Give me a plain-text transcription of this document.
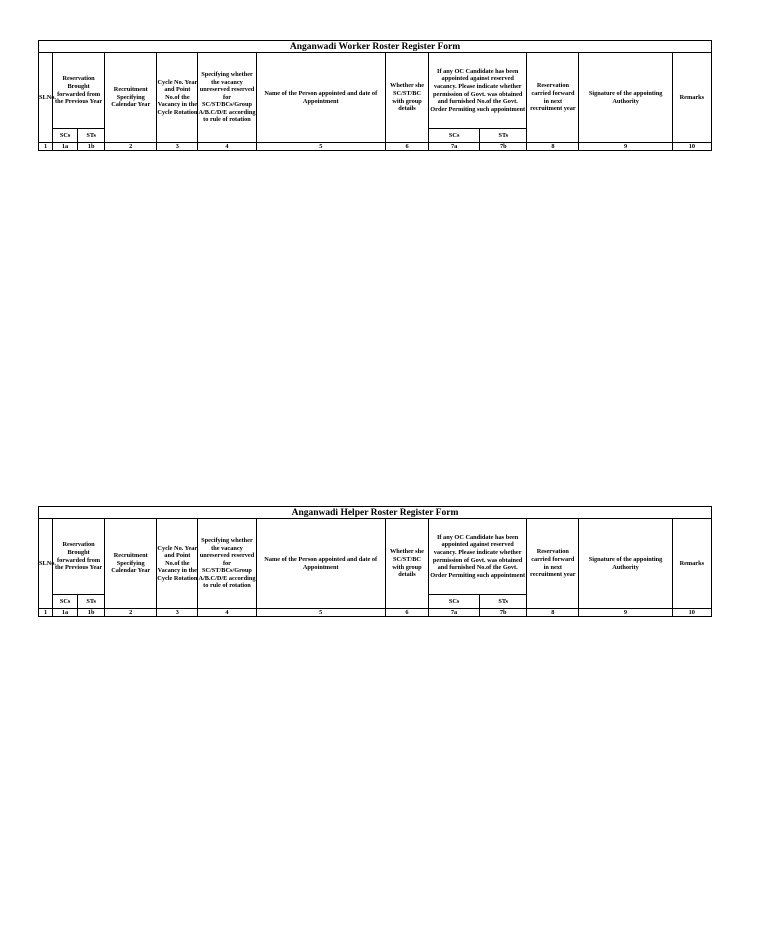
Anganwadi Worker Roster Register Form												
SLNo.	Reservation Brought forwarded from the Previous Year		Recruitment Specifying Calendar Year	Cycle No. Year and Point No.of the Vacancy in the Cycle Rotation	Specifying whether the vacancy unreserved reserved for SC/ST/BCs/Group A/B.C/D/E according to rule of rotation	Name of the Person appointed and date of Appointment	Whether she SC/ST/BC with group details	If any OC Candidate has been appointed against reserved vacancy. Please indicate whether permission of Govt. was obtained and furnished No.of the Govt. Order Permiting such appointment		Reservation carried forward in next recruitment year	Signature of the appointing Authority	Remarks
	SCs	STs						SCs	STs			
1	1a	1b	2	3	4	5	6	7a	7b	8	9	10
Anganwadi Helper Roster Register Form												
SLNo.	Reservation Brought forwarded from the Previous Year		Recruitment Specifying Calendar Year	Cycle No. Year and Point No.of the Vacancy in the Cycle Rotation	Specifying whether the vacancy unreserved reserved for SC/ST/BCs/Group A/B.C/D/E according to rule of rotation	Name of the Person appointed and date of Appointment	Whether she SC/ST/BC with group details	If any OC Candidate has been appointed against reserved vacancy. Please indicate whether permission of Govt. was obtained and furnished No.of the Govt. Order Permiting such appointment		Reservation carried forward in next recruitment year	Signature of the appointing Authority	Remarks
	SCs	STs						SCs	STs			
1	1a	1b	2	3	4	5	6	7a	7b	8	9	10
